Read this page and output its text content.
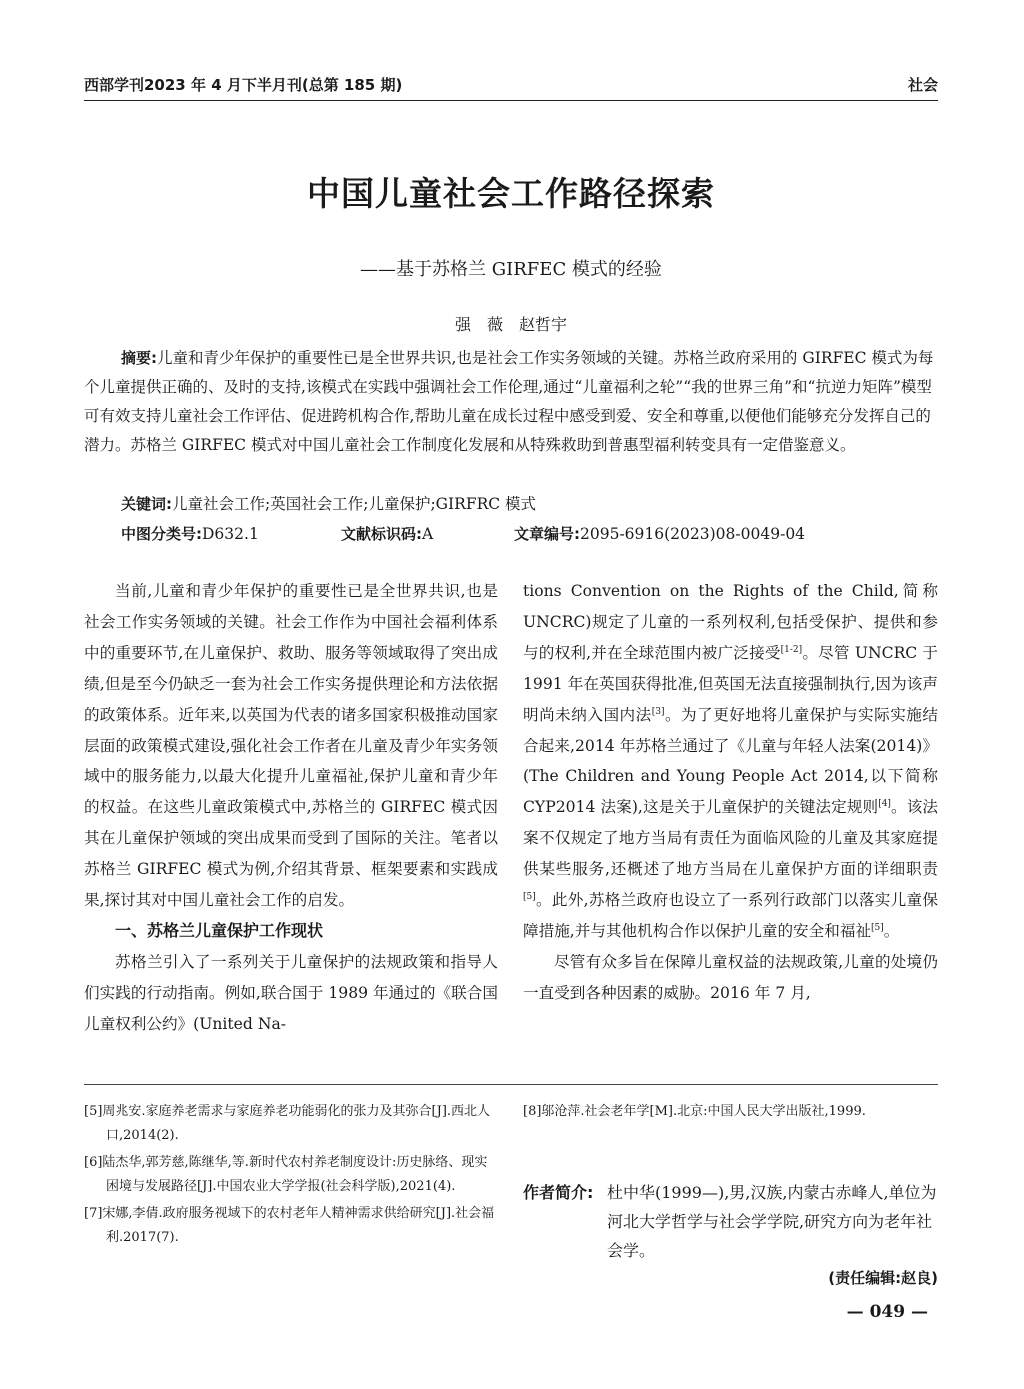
西部学刊2023 年 4 月下半月刊(总第 185 期)	社会
中国儿童社会工作路径探索
——基于苏格兰 GIRFEC 模式的经验
强　薇　赵哲宇
摘要:儿童和青少年保护的重要性已是全世界共识,也是社会工作实务领域的关键。苏格兰政府采用的 GIRFEC 模式为每个儿童提供正确的、及时的支持,该模式在实践中强调社会工作伦理,通过“儿童福利之轮”“我的世界三角”和“抗逆力矩阵”模型可有效支持儿童社会工作评估、促进跨机构合作,帮助儿童在成长过程中感受到爱、安全和尊重,以便他们能够充分发挥自己的潜力。苏格兰 GIRFEC 模式对中国儿童社会工作制度化发展和从特殊救助到普惠型福利转变具有一定借鉴意义。
关键词:儿童社会工作;英国社会工作;儿童保护;GIRFRC 模式
中图分类号:D632.1	文献标识码:A	文章编号:2095-6916(2023)08-0049-04

当前,儿童和青少年保护的重要性已是全世界共识,也是社会工作实务领域的关键。社会工作作为中国社会福利体系中的重要环节,在儿童保护、救助、服务等领域取得了突出成绩,但是至今仍缺乏一套为社会工作实务提供理论和方法依据的政策体系。近年来,以英国为代表的诸多国家积极推动国家层面的政策模式建设,强化社会工作者在儿童及青少年实务领域中的服务能力,以最大化提升儿童福祉,保护儿童和青少年的权益。在这些儿童政策模式中,苏格兰的 GIRFEC 模式因其在儿童保护领域的突出成果而受到了国际的关注。笔者以苏格兰 GIRFEC 模式为例,介绍其背景、框架要素和实践成果,探讨其对中国儿童社会工作的启发。

一、苏格兰儿童保护工作现状

苏格兰引入了一系列关于儿童保护的法规政策和指导人们实践的行动指南。例如,联合国于 1989 年通过的《联合国儿童权利公约》(United Na-

tions Convention on the Rights of the Child,简称 UNCRC)规定了儿童的一系列权利,包括受保护、提供和参与的权利,并在全球范围内被广泛接受[1-2]。尽管 UNCRC 于 1991 年在英国获得批准,但英国无法直接强制执行,因为该声明尚未纳入国内法[3]。为了更好地将儿童保护与实际实施结合起来,2014 年苏格兰通过了《儿童与年轻人法案(2014)》(The Children and Young People Act 2014,以下简称 CYP2014 法案),这是关于儿童保护的关键法定规则[4]。该法案不仅规定了地方当局有责任为面临风险的儿童及其家庭提供某些服务,还概述了地方当局在儿童保护方面的详细职责[5]。此外,苏格兰政府也设立了一系列行政部门以落实儿童保障措施,并与其他机构合作以保护儿童的安全和福祉[5]。

尽管有众多旨在保障儿童权益的法规政策,儿童的处境仍一直受到各种因素的威胁。2016 年 7 月,

[5]周兆安.家庭养老需求与家庭养老功能弱化的张力及其弥合[J].西北人口,2014(2).
[6]陆杰华,郭芳慈,陈继华,等.新时代农村养老制度设计:历史脉络、现实困境与发展路径[J].中国农业大学学报(社会科学版),2021(4).
[7]宋娜,李倩.政府服务视域下的农村老年人精神需求供给研究[J].社会福利.2017(7).
[8]邬沧萍.社会老年学[M].北京:中国人民大学出版社,1999.
作者简介: 杜中华(1999—),男,汉族,内蒙古赤峰人,单位为河北大学哲学与社会学学院,研究方向为老年社会学。
(责任编辑:赵良)
— 049 —
